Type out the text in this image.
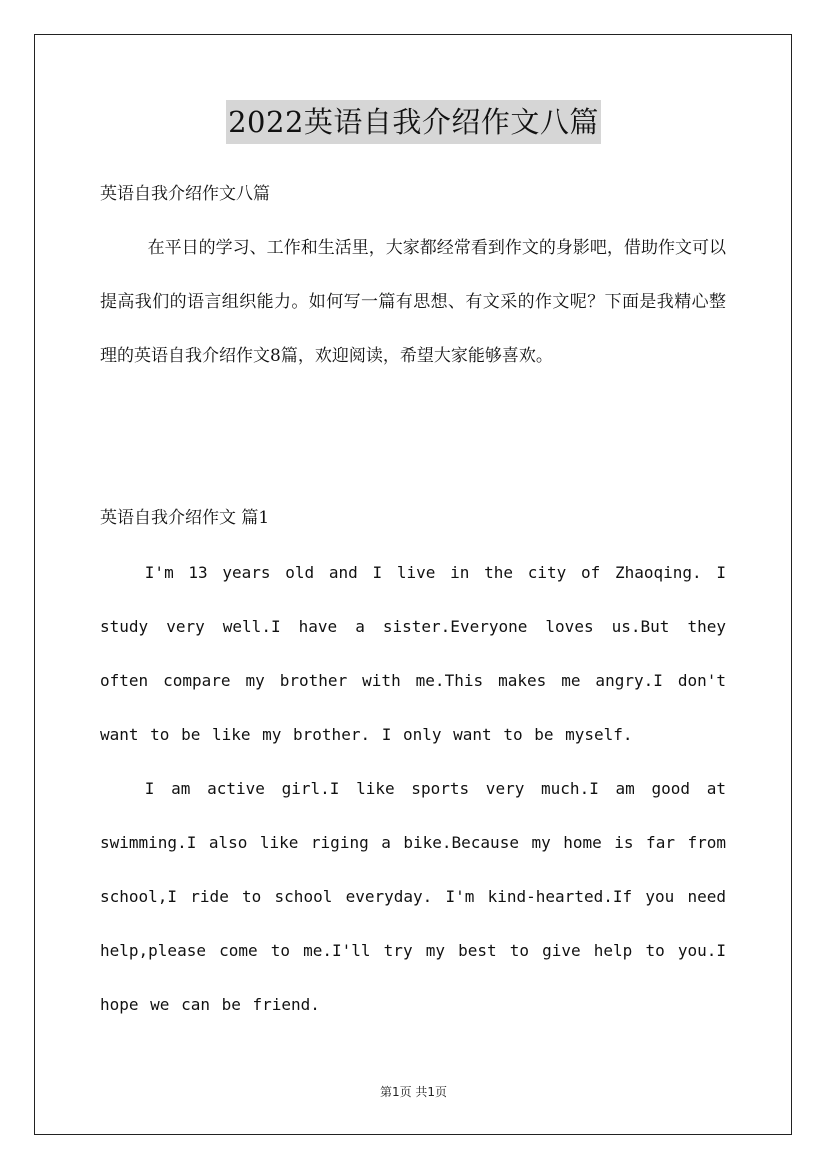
2022英语自我介绍作文八篇
英语自我介绍作文八篇
在平日的学习、工作和生活里，大家都经常看到作文的身影吧，借助作文可以提高我们的语言组织能力。如何写一篇有思想、有文采的作文呢？下面是我精心整理的英语自我介绍作文8篇，欢迎阅读，希望大家能够喜欢。
英语自我介绍作文 篇1
I'm 13 years old and I live in the city of Zhaoqing. I study very well.I have a sister.Everyone loves us.But they often compare my brother with me.This makes me angry.I don't want to be like my brother. I only want to be myself.
I am active girl.I like sports very much.I am good at swimming.I also like riging a bike.Because my home is far from school,I ride to school everyday. I'm kind-hearted.If you need help,please come to me.I'll try my best to give help to you.I hope we can be friend.
第1页 共1页
